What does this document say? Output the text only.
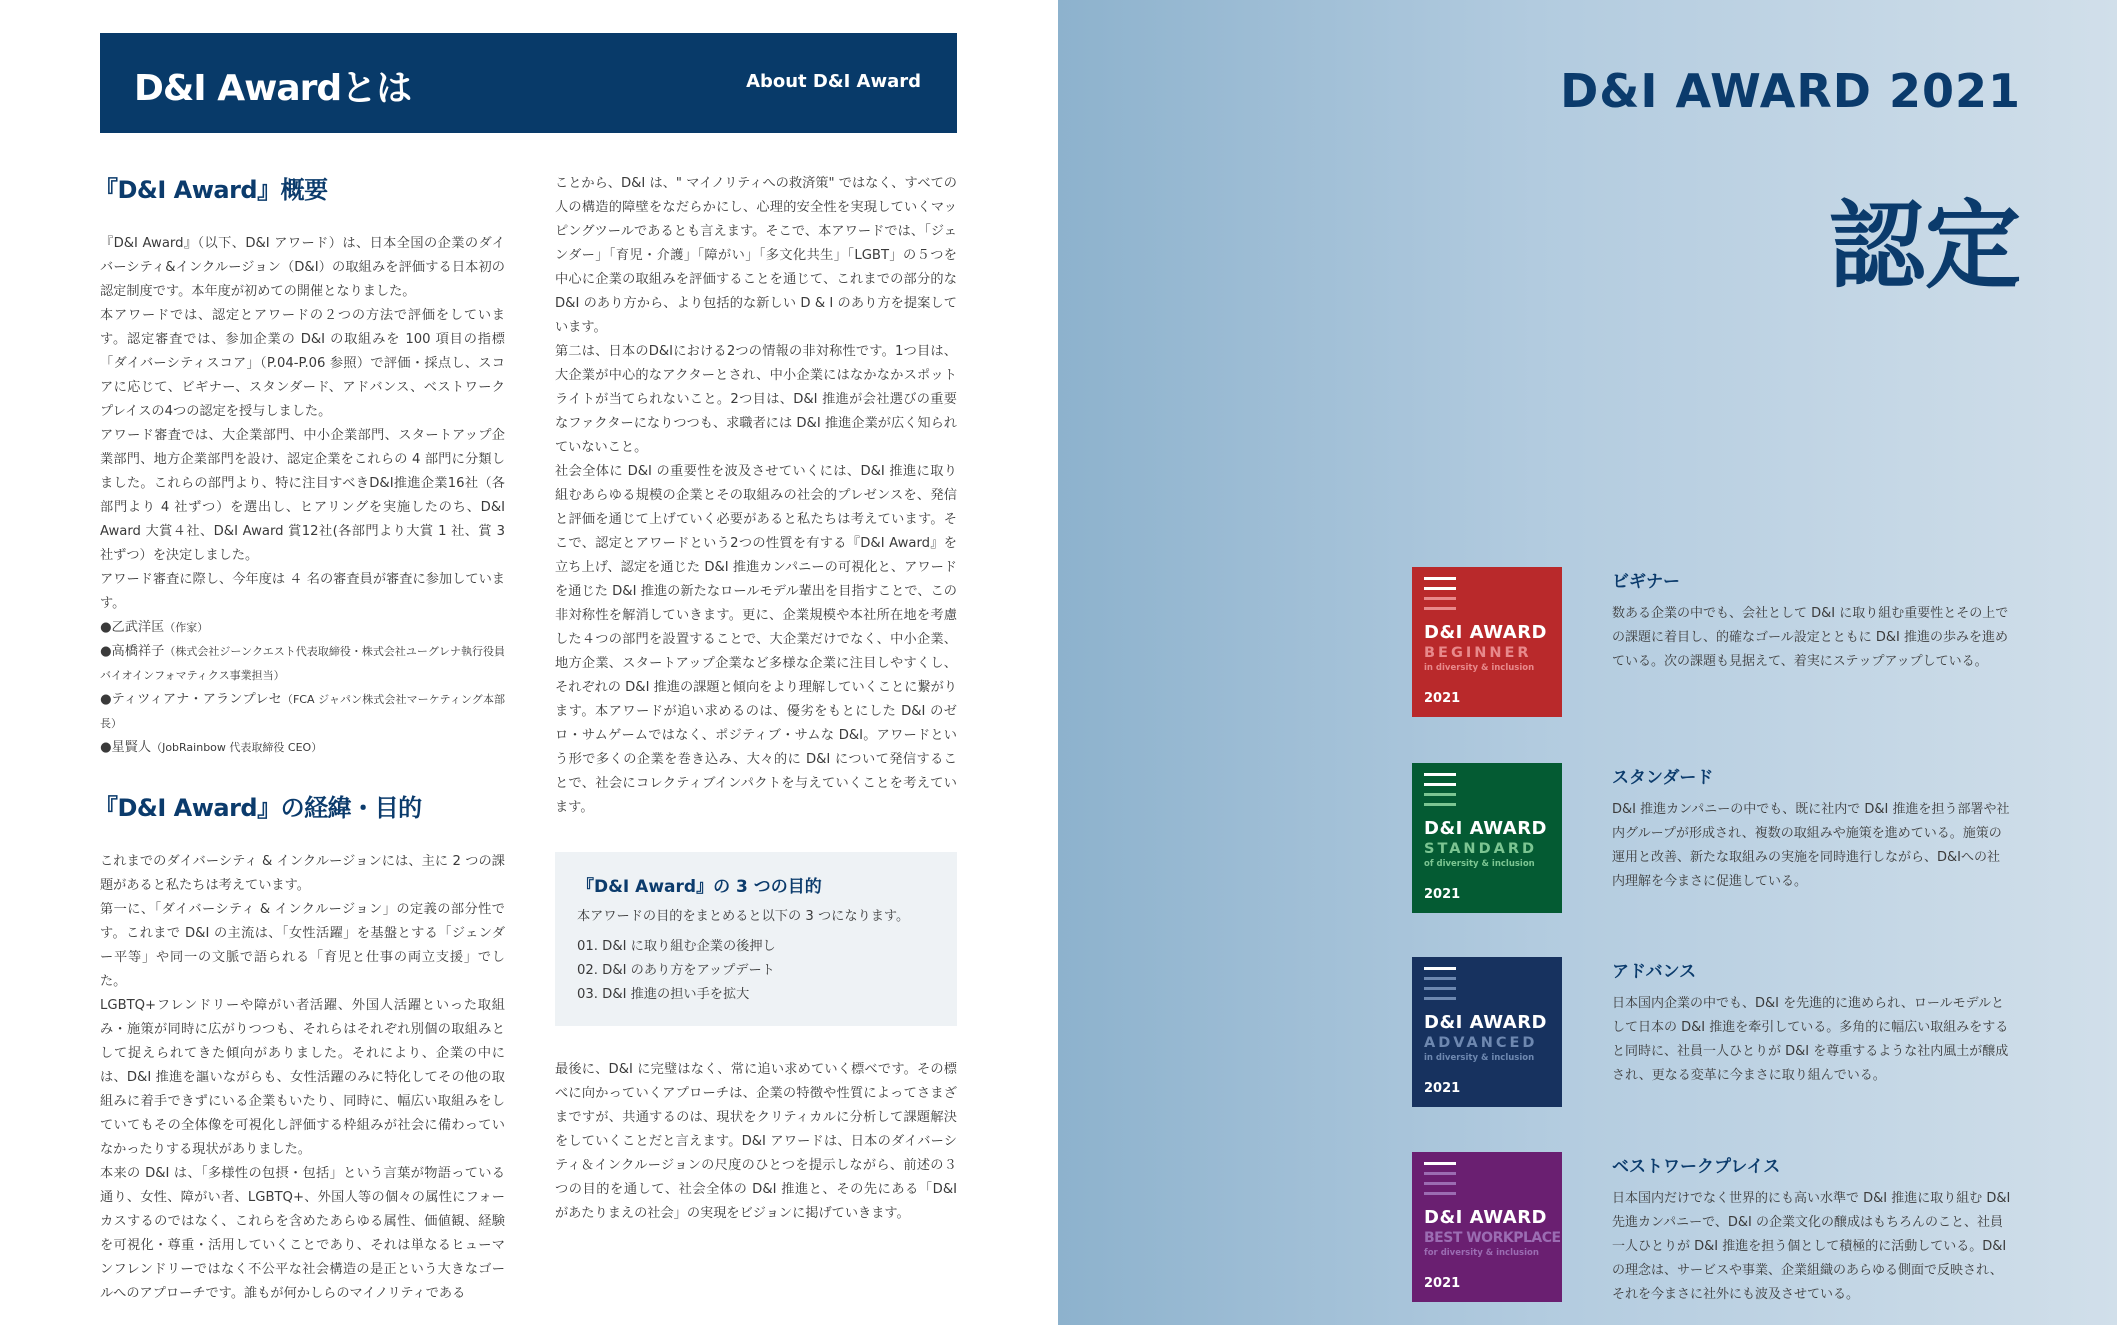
D&I Awardとは	About D&I Award
『D&I Award』概要

『D&I Award』（以下、D&I アワード）は、日本全国の企業のダイバーシティ&インクルージョン（D&I）の取組みを評価する日本初の認定制度です。本年度が初めての開催となりました。

本アワードでは、認定とアワードの２つの方法で評価をしています。認定審査では、参加企業の D&I の取組みを 100 項目の指標「ダイバーシティスコア」（P.04-P.06 参照）で評価・採点し、スコアに応じて、ビギナー、スタンダード、アドバンス、ベストワークプレイスの4つの認定を授与しました。

アワード審査では、大企業部門、中小企業部門、スタートアップ企業部門、地方企業部門を設け、認定企業をこれらの 4 部門に分類しました。これらの部門より、特に注目すべきD&I推進企業16社（各部門より 4 社ずつ）を選出し、ヒアリングを実施したのち、D&I Award 大賞４社、D&I Award 賞12社(各部門より大賞 1 社、賞 3 社ずつ）を決定しました。

アワード審査に際し、今年度は ４ 名の審査員が審査に参加しています。

●乙武洋匡（作家）
●高橋祥子（株式会社ジーンクエスト代表取締役・株式会社ユーグレナ執行役員バイオインフォマティクス事業担当）
●ティツィアナ・アランプレセ（FCA ジャパン株式会社マーケティング本部長）
●星賢人（JobRainbow 代表取締役 CEO）
『D&I Award』の経緯・目的

これまでのダイバーシティ & インクルージョンには、主に 2 つの課題があると私たちは考えています。

第一に、「ダイバーシティ & インクルージョン」の定義の部分性です。これまで D&I の主流は、「女性活躍」を基盤とする「ジェンダー平等」や同一の文脈で語られる「育児と仕事の両立支援」でした。

LGBTQ+フレンドリーや障がい者活躍、外国人活躍といった取組み・施策が同時に広がりつつも、それらはそれぞれ別個の取組みとして捉えられてきた傾向がありました。それにより、企業の中には、D&I 推進を謳いながらも、女性活躍のみに特化してその他の取組みに着手できずにいる企業もいたり、同時に、幅広い取組みをしていてもその全体像を可視化し評価する枠組みが社会に備わっていなかったりする現状がありました。

本来の D&I は、「多様性の包摂・包括」という言葉が物語っている通り、女性、障がい者、LGBTQ+、外国人等の個々の属性にフォーカスするのではなく、これらを含めたあらゆる属性、価値観、経験を可視化・尊重・活用していくことであり、それは単なるヒューマンフレンドリーではなく不公平な社会構造の是正という大きなゴールへのアプローチです。誰もが何かしらのマイノリティである

ことから、D&I は、" マイノリティへの救済策" ではなく、すべての人の構造的障壁をなだらかにし、心理的安全性を実現していくマッピングツールであるとも言えます。そこで、本アワードでは、「ジェンダー」「育児・介護」「障がい」「多文化共生」「LGBT」の５つを中心に企業の取組みを評価することを通じて、これまでの部分的な D&I のあり方から、より包括的な新しい D & I のあり方を提案しています。

第二は、日本のD&Iにおける2つの情報の非対称性です。1つ目は、大企業が中心的なアクターとされ、中小企業にはなかなかスポットライトが当てられないこと。2つ目は、D&I 推進が会社選びの重要なファクターになりつつも、求職者には D&I 推進企業が広く知られていないこと。

社会全体に D&I の重要性を波及させていくには、D&I 推進に取り組むあらゆる規模の企業とその取組みの社会的プレゼンスを、発信と評価を通じて上げていく必要があると私たちは考えています。そこで、認定とアワードという2つの性質を有する『D&I Award』を立ち上げ、認定を通じた D&I 推進カンパニーの可視化と、アワードを通じた D&I 推進の新たなロールモデル輩出を目指すことで、この非対称性を解消していきます。更に、企業規模や本社所在地を考慮した４つの部門を設置することで、大企業だけでなく、中小企業、地方企業、スタートアップ企業など多様な企業に注目しやすくし、それぞれの D&I 推進の課題と傾向をより理解していくことに繋がります。本アワードが追い求めるのは、優劣をもとにした D&I のゼロ・サムゲームではなく、ポジティブ・サムな D&I。アワードという形で多くの企業を巻き込み、大々的に D&I について発信することで、社会にコレクティブインパクトを与えていくことを考えています。

『D&I Award』の 3 つの目的

本アワードの目的をまとめると以下の 3 つになります。

01. D&I に取り組む企業の後押し
02. D&I のあり方をアップデート
03. D&I 推進の担い手を拡大

最後に、D&I に完璧はなく、常に追い求めていく標べです。その標べに向かっていくアプローチは、企業の特徴や性質によってさまざまですが、共通するのは、現状をクリティカルに分析して課題解決をしていくことだと言えます。D&I アワードは、日本のダイバーシティ＆インクルージョンの尺度のひとつを提示しながら、前述の３つの目的を通して、社会全体の D&I 推進と、その先にある「D&I があたりまえの社会」の実現をビジョンに掲げていきます。

D&I AWARD 2021
認定
D&I AWARD
BEGINNER
in diversity & inclusion
2021
ビギナー

数ある企業の中でも、会社として D&I に取り組む重要性とその上での課題に着目し、的確なゴール設定とともに D&I 推進の歩みを進めている。次の課題も見据えて、着実にステップアップしている。

D&I AWARD
STANDARD
of diversity & inclusion
2021
スタンダード

D&I 推進カンパニーの中でも、既に社内で D&I 推進を担う部署や社内グループが形成され、複数の取組みや施策を進めている。施策の運用と改善、新たな取組みの実施を同時進行しながら、D&Iへの社内理解を今まさに促進している。

D&I AWARD
ADVANCED
in diversity & inclusion
2021
アドバンス

日本国内企業の中でも、D&I を先進的に進められ、ロールモデルとして日本の D&I 推進を牽引している。多角的に幅広い取組みをすると同時に、社員一人ひとりが D&I を尊重するような社内風土が醸成され、更なる変革に今まさに取り組んでいる。

D&I AWARD
BEST WORKPLACE
for diversity & inclusion
2021
ベストワークプレイス

日本国内だけでなく世界的にも高い水準で D&I 推進に取り組む D&I 先進カンパニーで、D&I の企業文化の醸成はもちろんのこと、社員一人ひとりが D&I 推進を担う個として積極的に活動している。D&I の理念は、サービスや事業、企業組織のあらゆる側面で反映され、それを今まさに社外にも波及させている。
